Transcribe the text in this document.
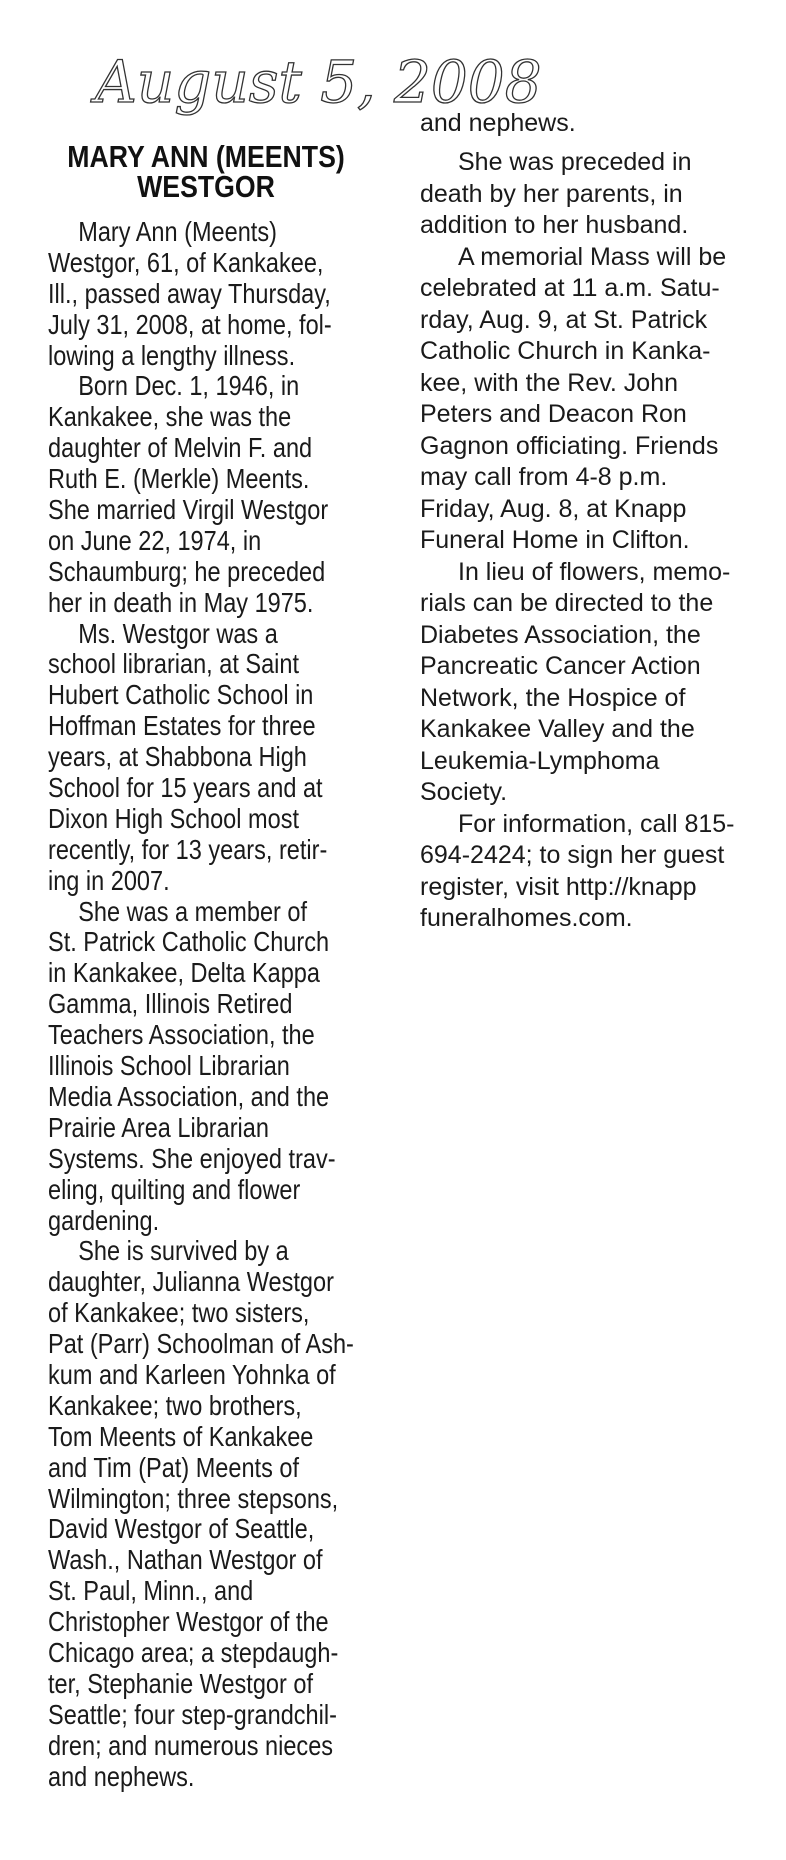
August 5, 2008
MARY ANN (MEENTS)
WESTGOR
and nephews.
Mary Ann (Meents)
Westgor, 61, of Kankakee,
Ill., passed away Thursday,
July 31, 2008, at home, fol-
lowing a lengthy illness.
Born Dec. 1, 1946, in
Kankakee, she was the
daughter of Melvin F. and
Ruth E. (Merkle) Meents.
She married Virgil Westgor
on June 22, 1974, in
Schaumburg; he preceded
her in death in May 1975.
Ms. Westgor was a
school librarian, at Saint
Hubert Catholic School in
Hoffman Estates for three
years, at Shabbona High
School for 15 years and at
Dixon High School most
recently, for 13 years, retir-
ing in 2007.
She was a member of
St. Patrick Catholic Church
in Kankakee, Delta Kappa
Gamma, Illinois Retired
Teachers Association, the
Illinois School Librarian
Media Association, and the
Prairie Area Librarian
Systems. She enjoyed trav-
eling, quilting and flower
gardening.
She is survived by a
daughter, Julianna Westgor
of Kankakee; two sisters,
Pat (Parr) Schoolman of Ash-
kum and Karleen Yohnka of
Kankakee; two brothers,
Tom Meents of Kankakee
and Tim (Pat) Meents of
Wilmington; three stepsons,
David Westgor of Seattle,
Wash., Nathan Westgor of
St. Paul, Minn., and
Christopher Westgor of the
Chicago area; a stepdaugh-
ter, Stephanie Westgor of
Seattle; four step-grandchil-
dren; and numerous nieces
and nephews.
She was preceded in
death by her parents, in
addition to her husband.
A memorial Mass will be
celebrated at 11 a.m. Satu-
rday, Aug. 9, at St. Patrick
Catholic Church in Kanka-
kee, with the Rev. John
Peters and Deacon Ron
Gagnon officiating. Friends
may call from 4-8 p.m.
Friday, Aug. 8, at Knapp
Funeral Home in Clifton.
In lieu of flowers, memo-
rials can be directed to the
Diabetes Association, the
Pancreatic Cancer Action
Network, the Hospice of
Kankakee Valley and the
Leukemia-Lymphoma
Society.
For information, call 815-
694-2424; to sign her guest
register, visit http://knapp
funeralhomes.com.
